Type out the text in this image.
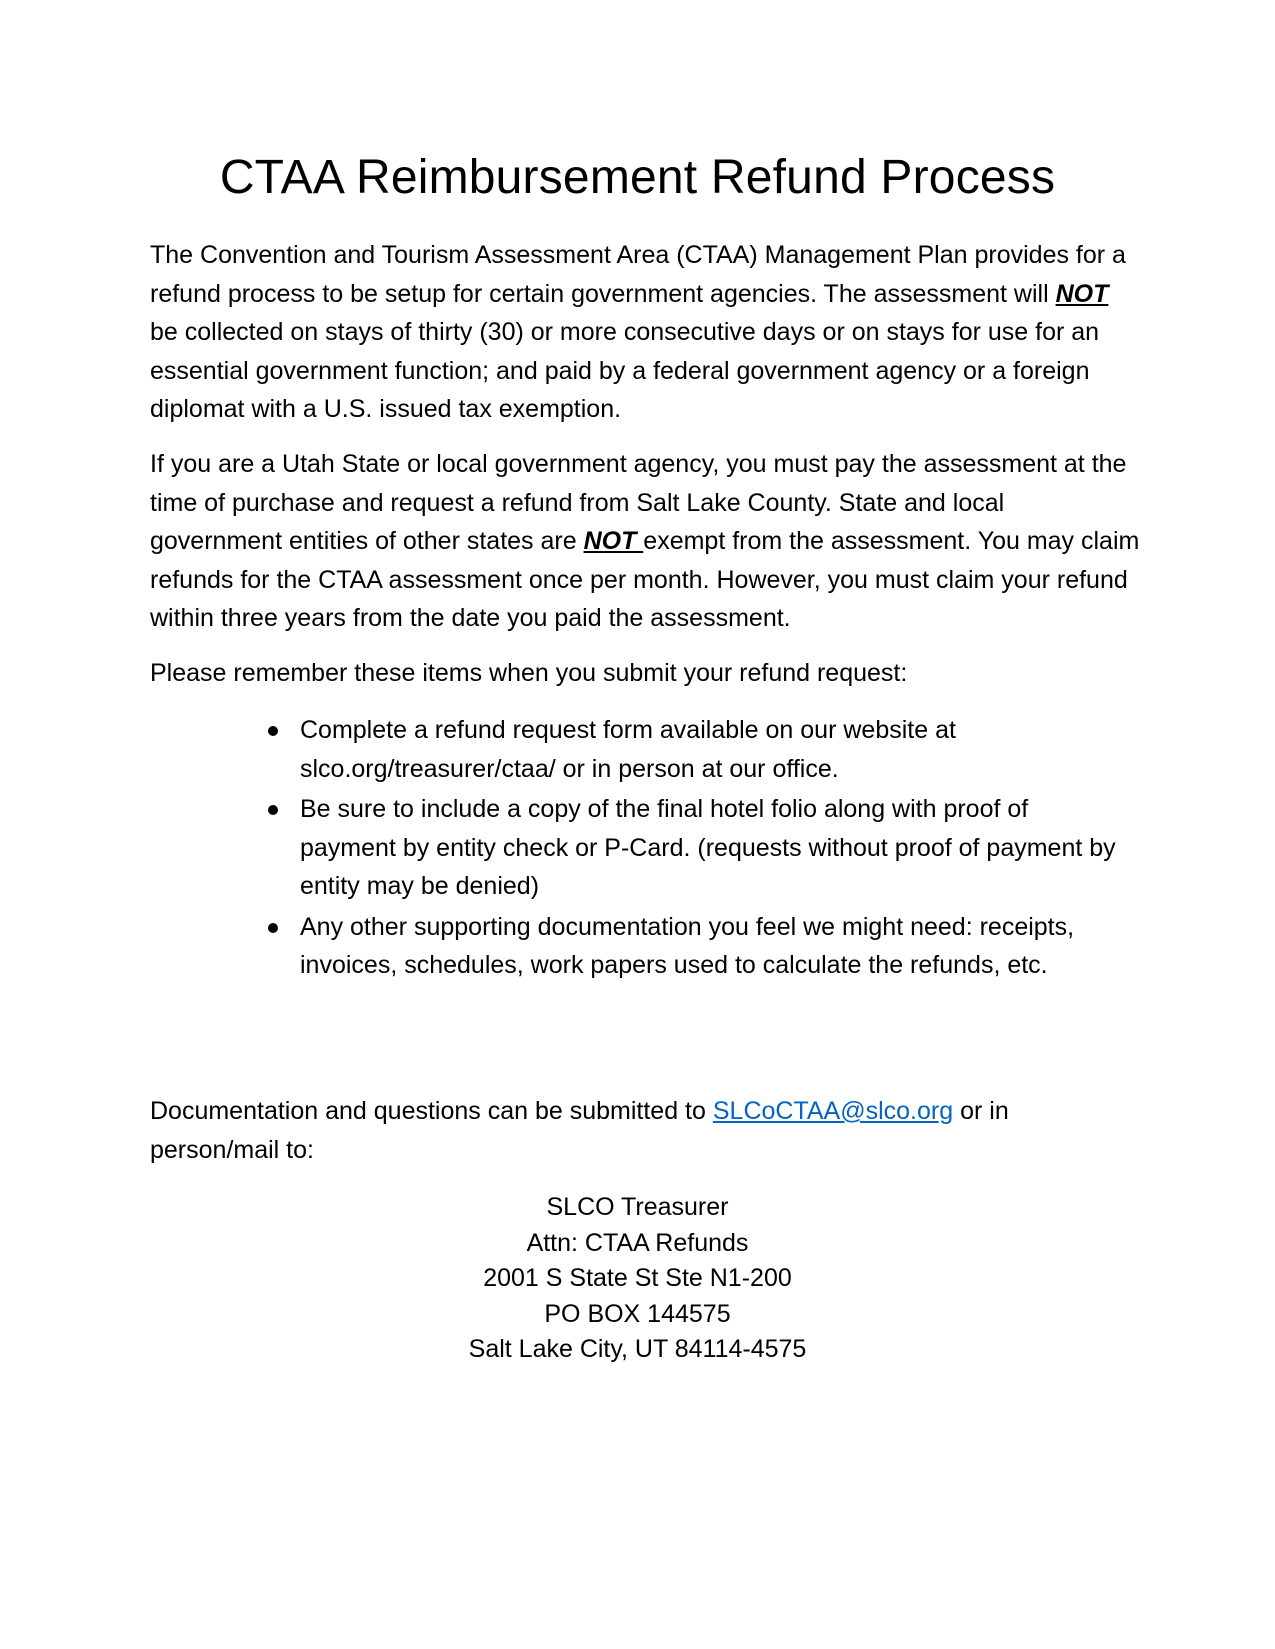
CTAA Reimbursement Refund Process

The Convention and Tourism Assessment Area (CTAA) Management Plan provides for a refund process to be setup for certain government agencies. The assessment will NOT be collected on stays of thirty (30) or more consecutive days or on stays for use for an essential government function; and paid by a federal government agency or a foreign diplomat with a U.S. issued tax exemption.

If you are a Utah State or local government agency, you must pay the assessment at the time of purchase and request a refund from Salt Lake County. State and local government entities of other states are NOT exempt from the assessment. You may claim refunds for the CTAA assessment once per month. However, you must claim your refund within three years from the date you paid the assessment.

Please remember these items when you submit your refund request:

Complete a refund request form available on our website at slco.org/treasurer/ctaa/ or in person at our office.
Be sure to include a copy of the final hotel folio along with proof of payment by entity check or P-Card. (requests without proof of payment by entity may be denied)
Any other supporting documentation you feel we might need: receipts, invoices, schedules, work papers used to calculate the refunds, etc.

Documentation and questions can be submitted to SLCoCTAA@slco.org or in person/mail to:

SLCO Treasurer
Attn: CTAA Refunds
2001 S State St Ste N1-200
PO BOX 144575
Salt Lake City, UT 84114-4575
